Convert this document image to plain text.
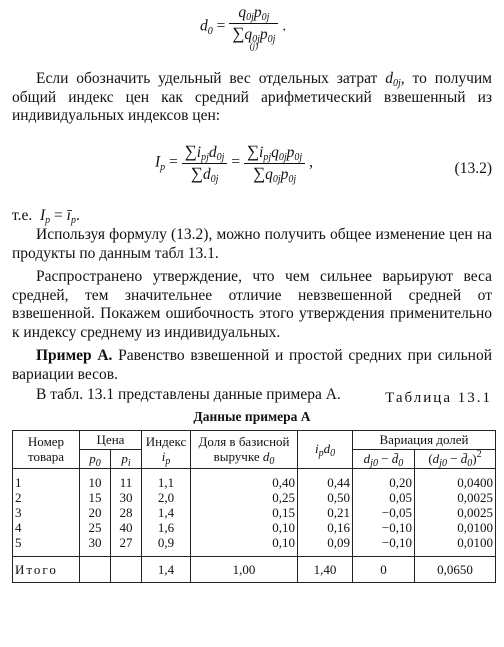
d0 = q0jp0j
∑q0jp0j
(j) .

Если обозначить удельный вес отдельных затрат d0j, то получим общий индекс цен как средний арифметический взвешенный из индивидуальных индексов цен:

$Ip = \frac{\text{∑ipjd0j}}{\sum d0j} = \frac{\text{∑ipjq0jp0j}}{\sum q0jp0j}$ ,	(13.2)

т.е. Ip = īp.

Используя формулу (13.2), можно получить общее изменение цен на продукты по данным табл 13.1.

Распространено утверждение, что чем сильнее варьируют веса средней, тем значительнее отличие невзвешенной средней от взвешенной. Покажем ошибочность этого утверждения применительно к индексу среднему из индивидуальных.

Пример А. Равенство взвешенной и простой средних при сильной вариации весов.

В табл. 13.1 представлены данные примера А.	Таблица 13.1
Данные примера А
Номер товара	Цена		Индекс
$i_p$	Доля в базисной выручке $d_0$	$i_pd_0$	Вариация долей	
	$p_0$	$p_i$				$d_{j0}$ − $d̄_0$	($d_{j0}$ − $d̄_0)^2$
1	10	11	1,1	0,40	0,44	0,20	0,0400
2	15	30	2,0	0,25	0,50	0,05	0,0025
3	20	28	1,4	0,15	0,21	−0,05	0,0025
4	25	40	1,6	0,10	0,16	−0,10	0,0100
5	30	27	0,9	0,10	0,09	−0,10	0,0100
Итого			1,4	1,00	1,40	0	0,0650
